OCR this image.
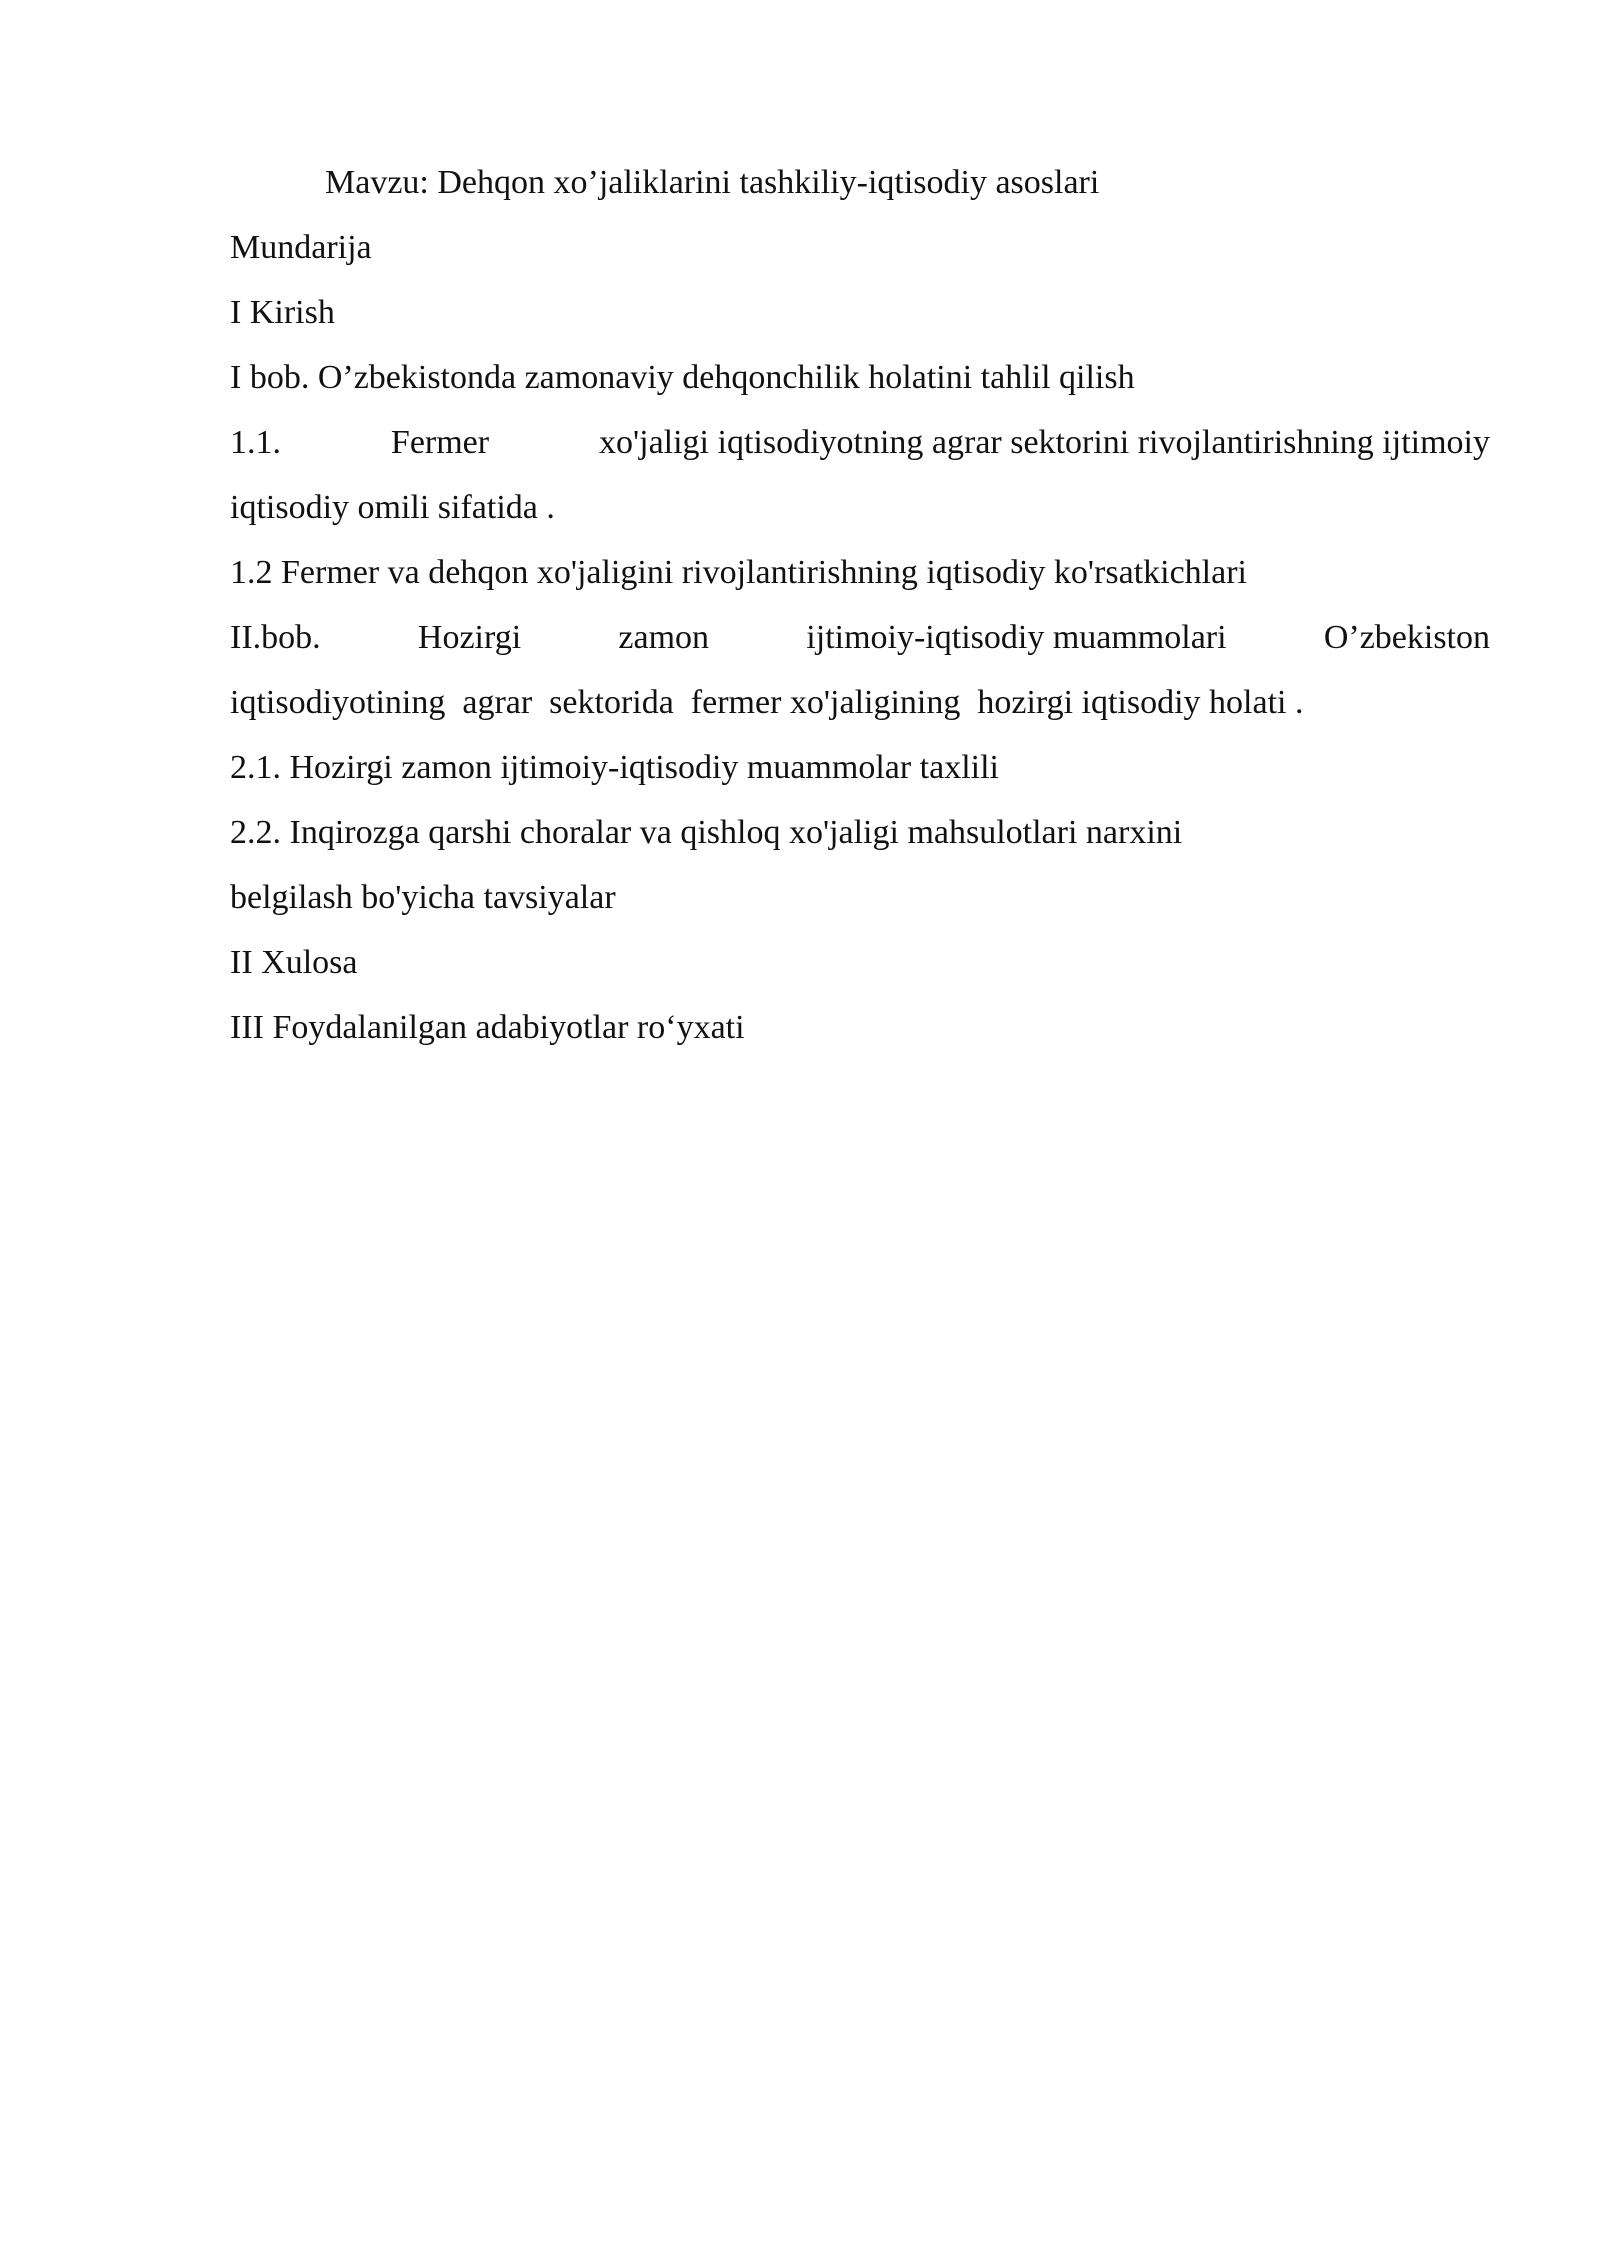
Mavzu: Dehqon xo’jaliklarini tashkiliy-iqtisodiy asoslari

Mundarija

I Kirish

I bob. O’zbekistonda zamonaviy dehqonchilik holatini tahlil qilish

1.1.	Fermer	xo'jaligi iqtisodiyotning agrar sektorini rivojlantirishning ijtimoiy

iqtisodiy omili sifatida .

1.2 Fermer va dehqon xo'jaligini rivojlantirishning iqtisodiy ko'rsatkichlari

II.bob.	Hozirgi	zamon	ijtimoiy-iqtisodiy muammolari	O’zbekiston

iqtisodiyotining  agrar  sektorida  fermer xo'jaligining  hozirgi iqtisodiy holati .

2.1. Hozirgi zamon ijtimoiy-iqtisodiy muammolar taxlili

2.2. Inqirozga qarshi choralar va qishloq xo'jaligi mahsulotlari narxini

belgilash bo'yicha tavsiyalar

II Xulosa

III Foydalanilgan adabiyotlar ro‘yxati
